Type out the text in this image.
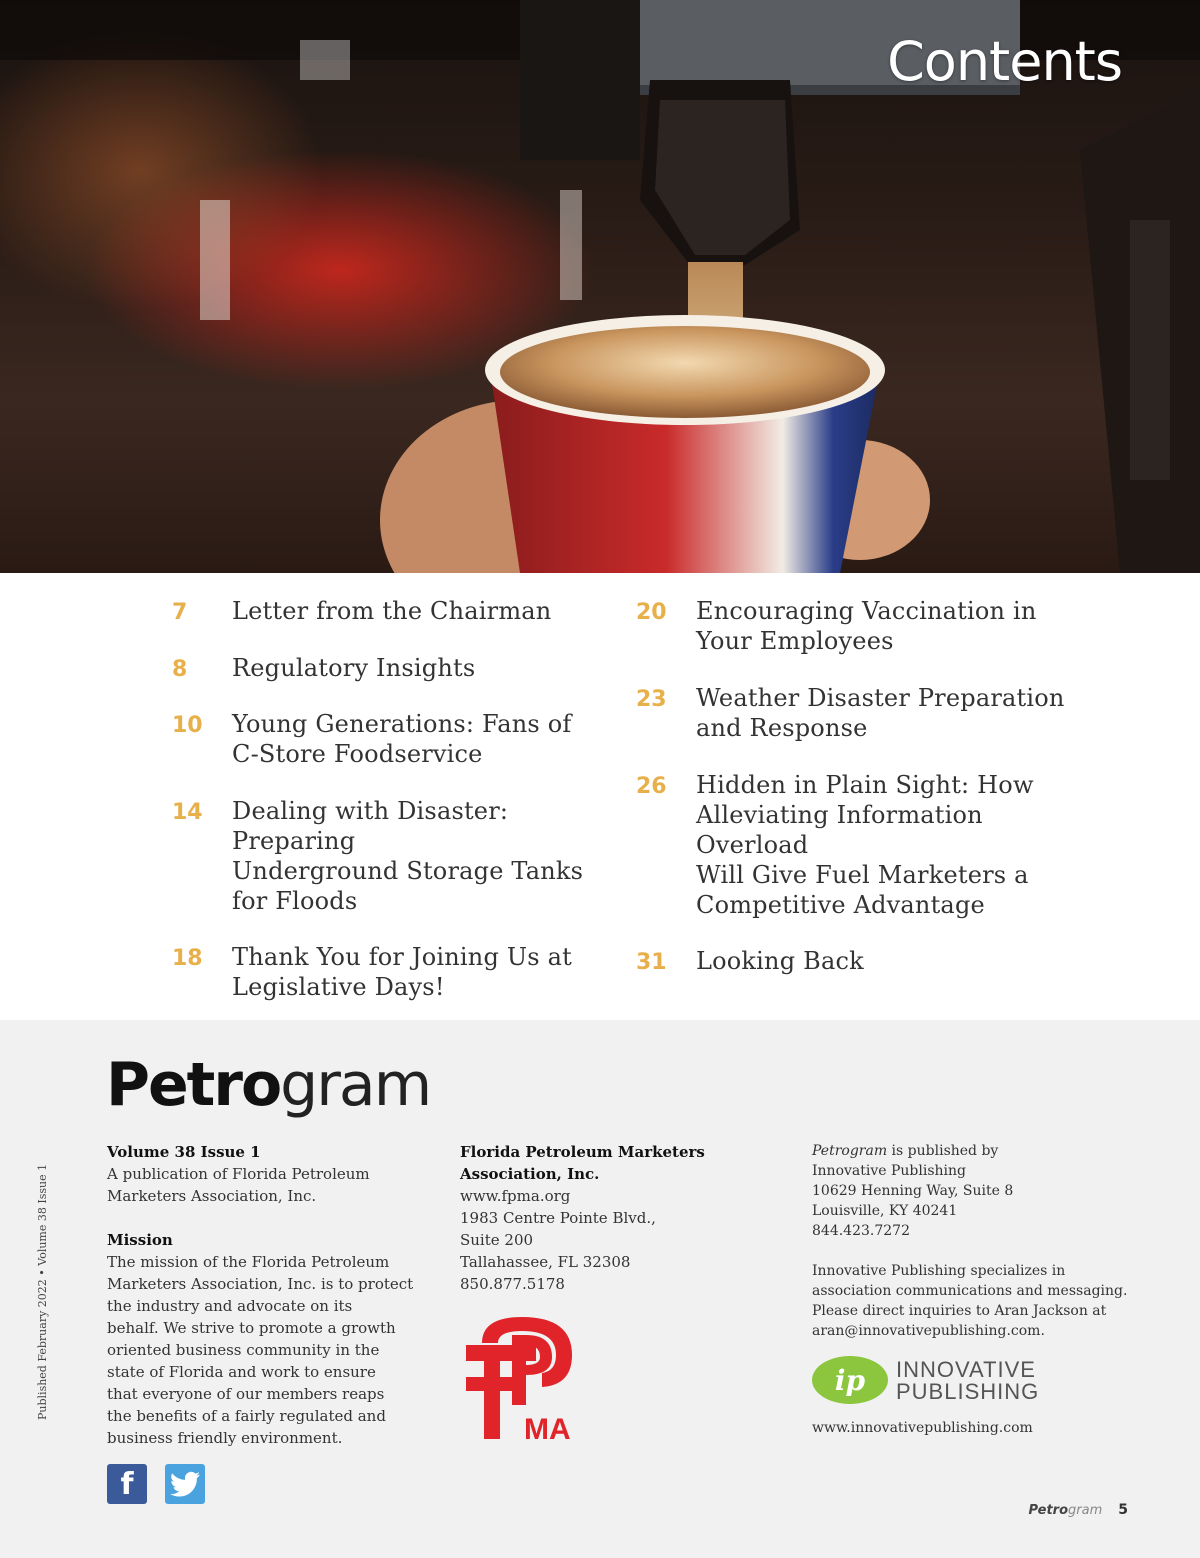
Contents
7	Letter from the Chairman
8	Regulatory Insights
10	Young Generations: Fans of
C-Store Foodservice
14	Dealing with Disaster: Preparing
Underground Storage Tanks
for Floods
18	Thank You for Joining Us at
Legislative Days!
20	Encouraging Vaccination in
Your Employees
23	Weather Disaster Preparation
and Response
26	Hidden in Plain Sight: How
Alleviating Information Overload
Will Give Fuel Marketers a
Competitive Advantage
31	Looking Back
Petrogram
Published February 2022 • Volume 38 Issue 1
Volume 38 Issue 1
A publication of Florida Petroleum
Marketers Association, Inc.
Mission
The mission of the Florida Petroleum
Marketers Association, Inc. is to protect
the industry and advocate on its
behalf. We strive to promote a growth
oriented business community in the
state of Florida and work to ensure
that everyone of our members reaps
the benefits of a fairly regulated and
business friendly environment.
Florida Petroleum Marketers
Association, Inc.
www.fpma.org
1983 Centre Pointe Blvd.,
Suite 200
Tallahassee, FL 32308
850.877.5178
MA
Petrogram is published by
Innovative Publishing
10629 Henning Way, Suite 8
Louisville, KY 40241
844.423.7272
Innovative Publishing specializes in
association communications and messaging.
Please direct inquiries to Aran Jackson at
aran@innovativepublishing.com.
ip INNOVATIVE
PUBLISHING
www.innovativepublishing.com
f
Petrogram 5
